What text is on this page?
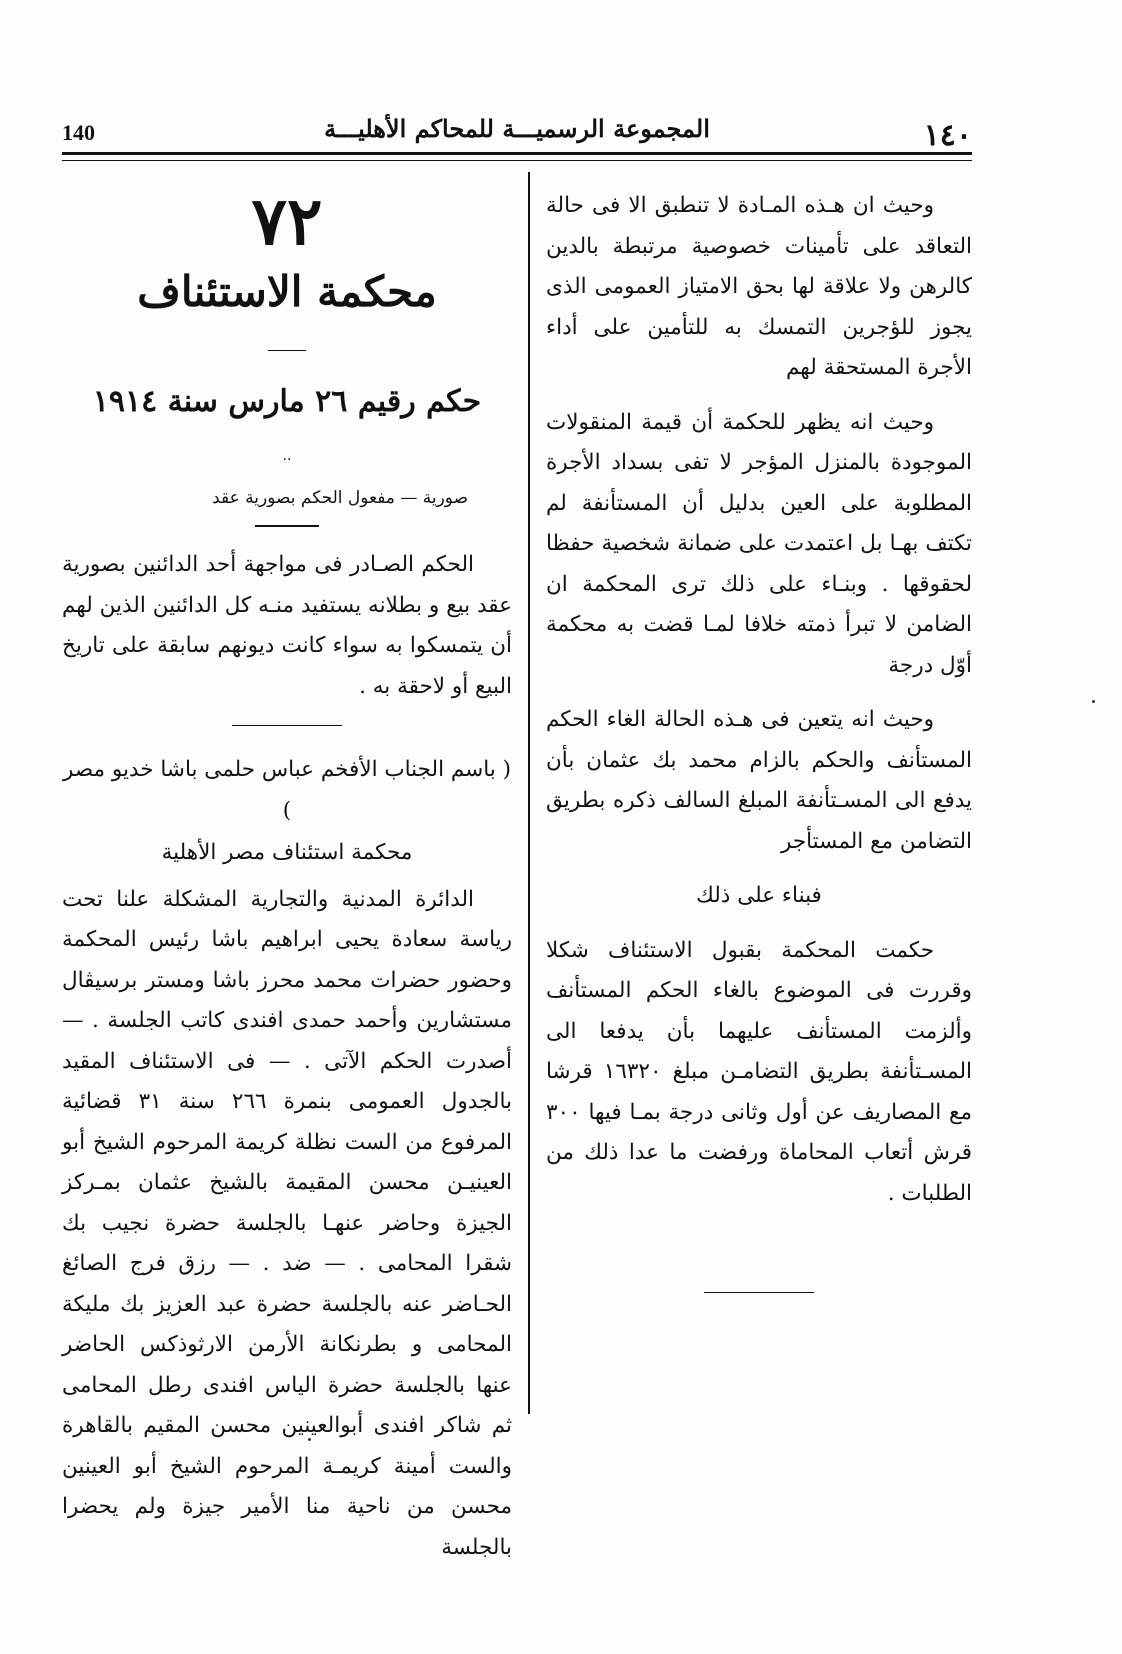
١٤٠
المجموعة الرسميـــة للمحاكم الأهليـــة
140

وحيث ان هـذه المـادة لا تنطبق الا فى حالة التعاقد على تأمينات خصوصية مرتبطة بالدين كالرهن ولا علاقة لها بحق الامتياز العمومى الذى يجوز للؤجرين التمسك به للتأمين على أداء الأجرة المستحقة لهم

وحيث انه يظهر للحكمة أن قيمة المنقولات الموجودة بالمنزل المؤجر لا تفى بسداد الأجرة المطلوبة على العين بدليل أن المستأنفة لم تكتف بهـا بل اعتمدت على ضمانة شخصية حفظا لحقوقها . وبنـاء على ذلك ترى المحكمة ان الضامن لا تبرأ ذمته خلافا لمـا قضت به محكمة أوّل درجة

وحيث انه يتعين فى هـذه الحالة الغاء الحكم المستأنف والحكم بالزام محمد بك عثمان بأن يدفع الى المسـتأنفة المبلغ السالف ذكره بطريق التضامن مع المستأجر

فبناء على ذلك

حكمت المحكمة بقبول الاستئناف شكلا وقررت فى الموضوع بالغاء الحكم المستأنف وألزمت المستأنف عليهما بأن يدفعا الى المسـتأنفة بطريق التضامـن مبلغ ١٦٣٢٠ قرشا مع المصاريف عن أول وثانى درجة بمـا فيها ٣٠٠ قرش أتعاب المحاماة ورفضت ما عدا ذلك من الطلبات .

٧٢
محكمة الاستئناف
حكم رقيم ٢٦ مارس سنة ١٩١٤
..
صورية — مفعول الحكم بصورية عقد

الحكم الصـادر فى مواجهة أحد الدائنين بصورية عقد بيع و بطلانه يستفيد منـه كل الدائنين الذين لهم أن يتمسكوا به سواء كانت ديونهم سابقة على تاريخ البيع أو لاحقة به .

( باسم الجناب الأفخم عباس حلمى باشا خديو مصر )

محكمة استئناف مصر الأهلية

الدائرة المدنية والتجارية المشكلة علنا تحت رياسة سعادة يحيى ابراهيم باشا رئيس المحكمة وحضور حضرات محمد محرز باشا ومستر برسيڤال مستشارين وأحمد حمدى افندى كاتب الجلسة . — أصدرت الحكم الآتى . — فى الاستئناف المقيد بالجدول العمومى بنمرة ٢٦٦ سنة ٣١ قضائية المرفوع من الست نظلة كريمة المرحوم الشيخ أبو العينيـن محسن المقيمة بالشيخ عثمان بمـركز الجيزة وحاضر عنهـا بالجلسة حضرة نجيب بك شقرا المحامى . — ضد . — رزق فرج الصائغ الحـاضر عنه بالجلسة حضرة عبد العزيز بك مليكة المحامى و بطرنكانة الأرمن الارثوذكس الحاضر عنها بالجلسة حضرة الياس افندى رطل المحامى ثم شاكر افندى أبوالعينين محسن المقيم بالقاهرة والست أمينة كريمـة المرحوم الشيخ أبو العينين محسن من ناحية منا الأمير جيزة ولم يحضرا بالجلسة
